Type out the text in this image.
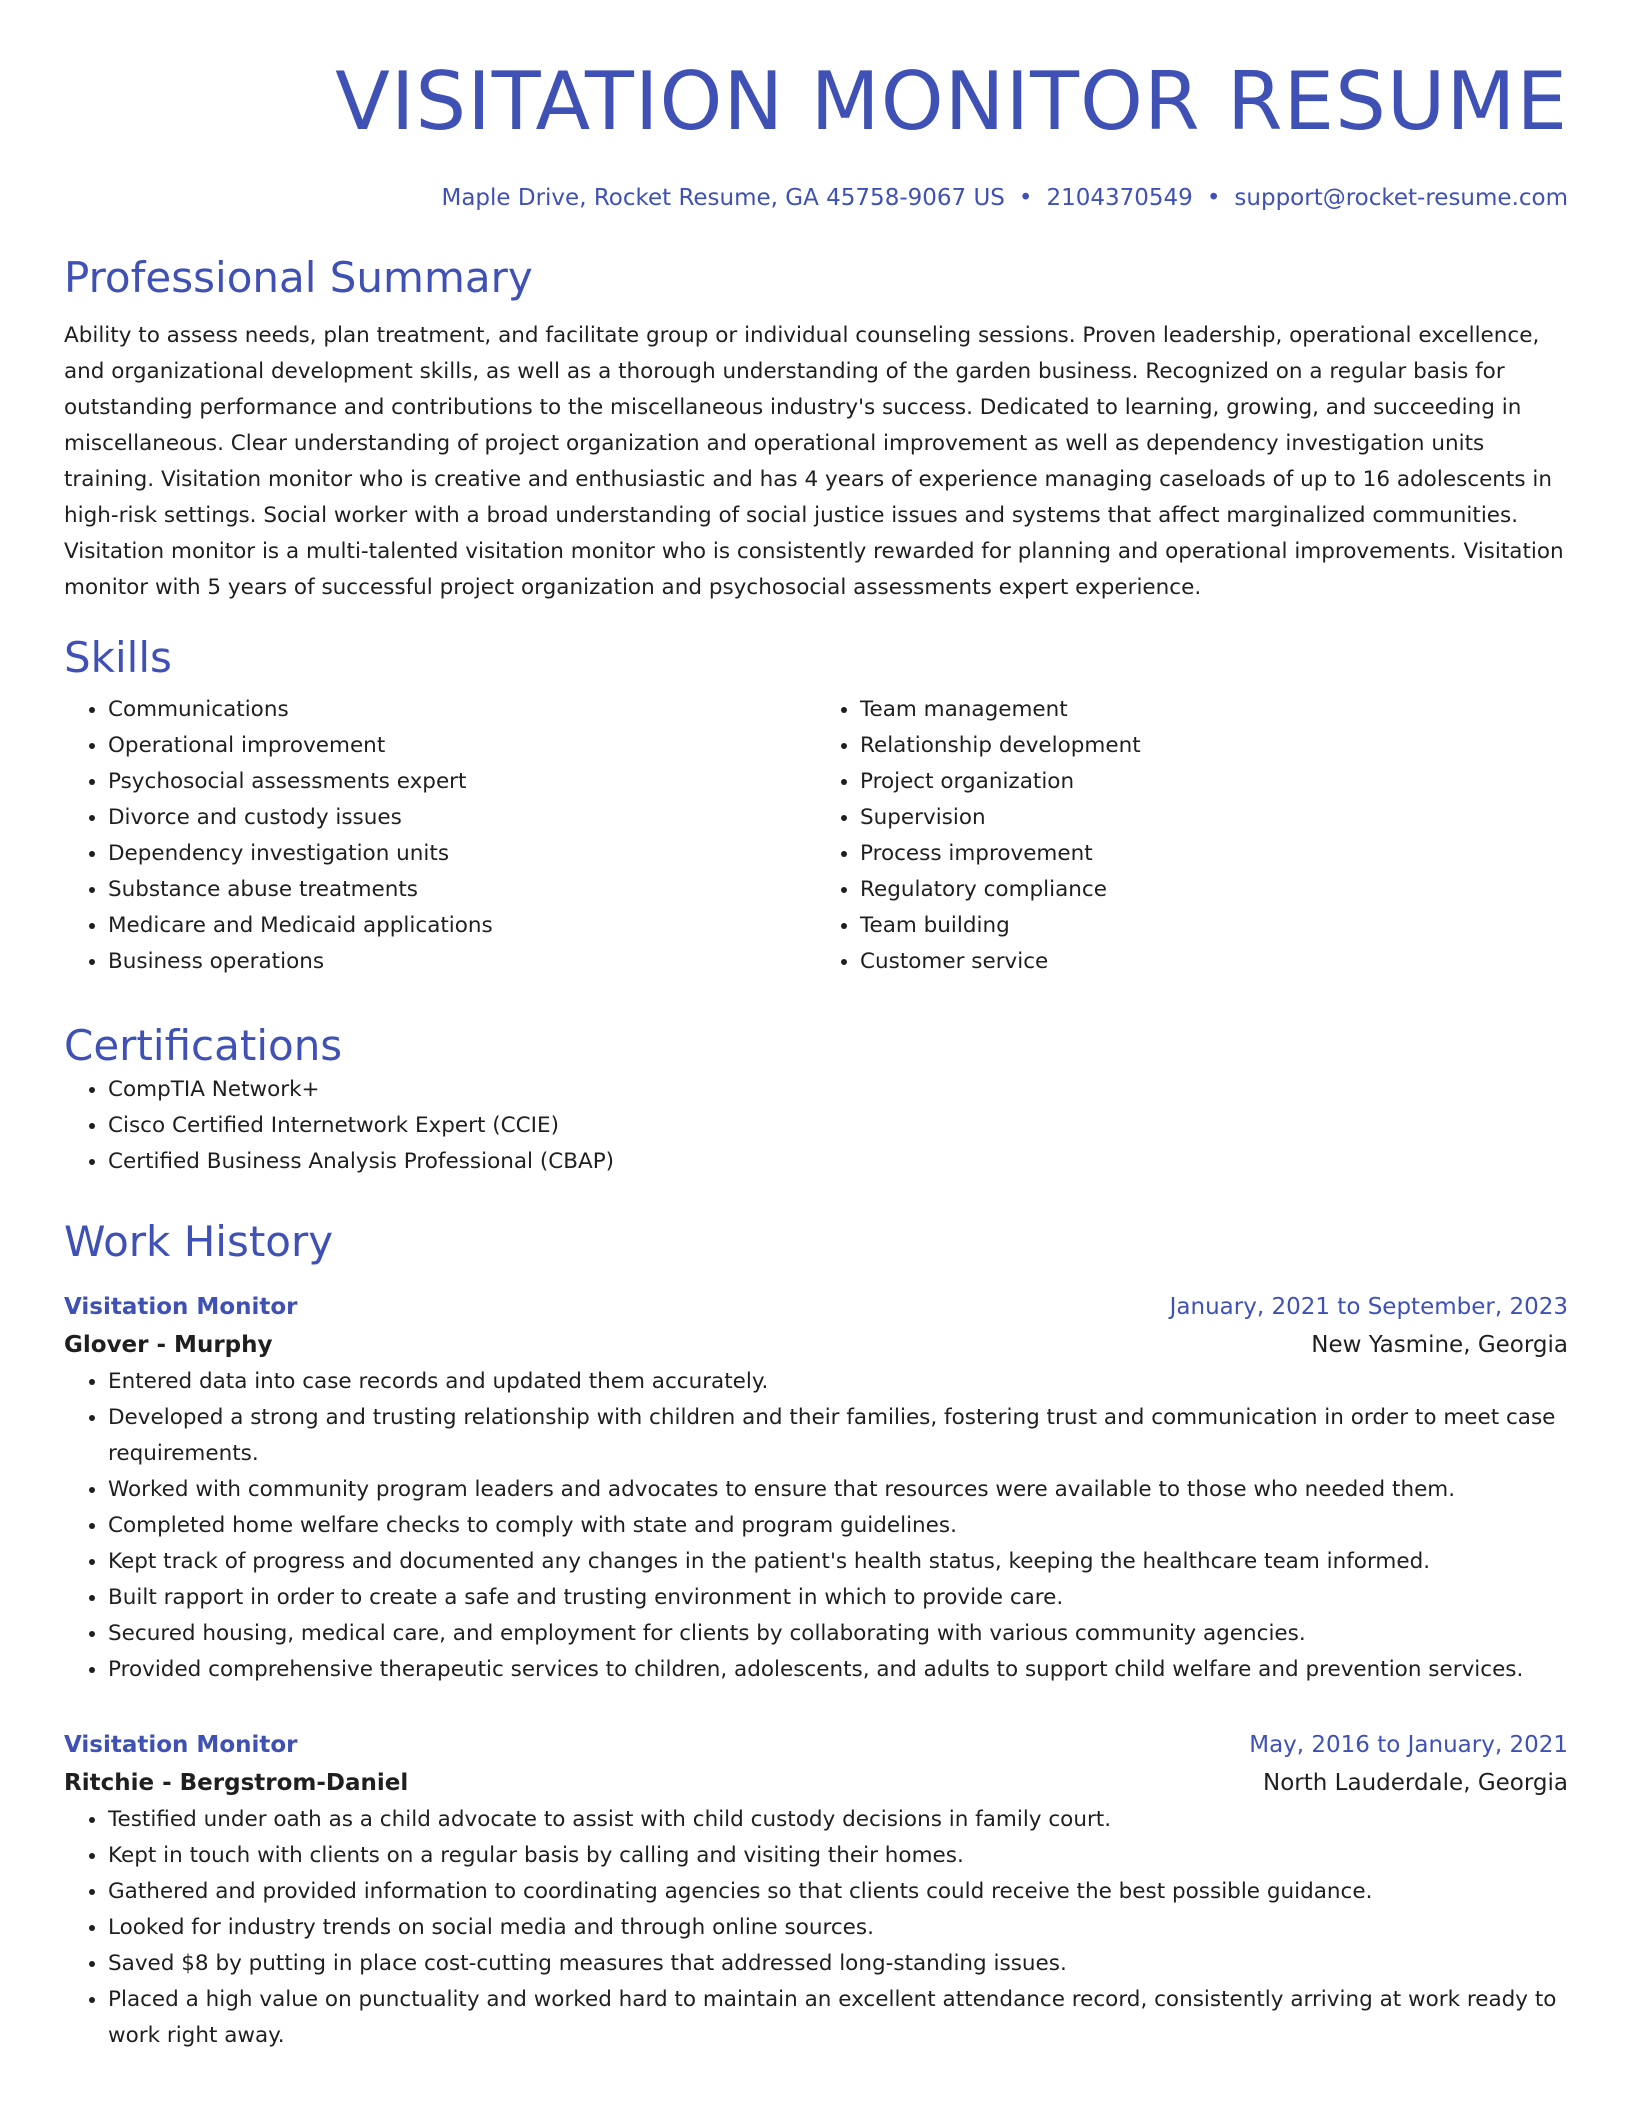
VISITATION MONITOR RESUME
Maple Drive, Rocket Resume, GA 45758-9067 US • 2104370549 • support@rocket-resume.com
Professional Summary
Ability to assess needs, plan treatment, and facilitate group or individual counseling sessions. Proven leadership, operational excellence, and organizational development skills, as well as a thorough understanding of the garden business. Recognized on a regular basis for outstanding performance and contributions to the miscellaneous industry's success. Dedicated to learning, growing, and succeeding in miscellaneous. Clear understanding of project organization and operational improvement as well as dependency investigation units training. Visitation monitor who is creative and enthusiastic and has 4 years of experience managing caseloads of up to 16 adolescents in high-risk settings. Social worker with a broad understanding of social justice issues and systems that affect marginalized communities. Visitation monitor is a multi-talented visitation monitor who is consistently rewarded for planning and operational improvements. Visitation monitor with 5 years of successful project organization and psychosocial assessments expert experience.
Skills
• Communications
• Operational improvement
• Psychosocial assessments expert
• Divorce and custody issues
• Dependency investigation units
• Substance abuse treatments
• Medicare and Medicaid applications
• Business operations
• Team management
• Relationship development
• Project organization
• Supervision
• Process improvement
• Regulatory compliance
• Team building
• Customer service
Certifications
• CompTIA Network+
• Cisco Certified Internetwork Expert (CCIE)
• Certified Business Analysis Professional (CBAP)
Work History
Visitation Monitor	January, 2021 to September, 2023
Glover - Murphy	New Yasmine, Georgia
• Entered data into case records and updated them accurately.
• Developed a strong and trusting relationship with children and their families, fostering trust and communication in order to meet case requirements.
• Worked with community program leaders and advocates to ensure that resources were available to those who needed them.
• Completed home welfare checks to comply with state and program guidelines.
• Kept track of progress and documented any changes in the patient's health status, keeping the healthcare team informed.
• Built rapport in order to create a safe and trusting environment in which to provide care.
• Secured housing, medical care, and employment for clients by collaborating with various community agencies.
• Provided comprehensive therapeutic services to children, adolescents, and adults to support child welfare and prevention services.
Visitation Monitor	May, 2016 to January, 2021
Ritchie - Bergstrom-Daniel	North Lauderdale, Georgia
• Testified under oath as a child advocate to assist with child custody decisions in family court.
• Kept in touch with clients on a regular basis by calling and visiting their homes.
• Gathered and provided information to coordinating agencies so that clients could receive the best possible guidance.
• Looked for industry trends on social media and through online sources.
• Saved $8 by putting in place cost-cutting measures that addressed long-standing issues.
• Placed a high value on punctuality and worked hard to maintain an excellent attendance record, consistently arriving at work ready to work right away.
